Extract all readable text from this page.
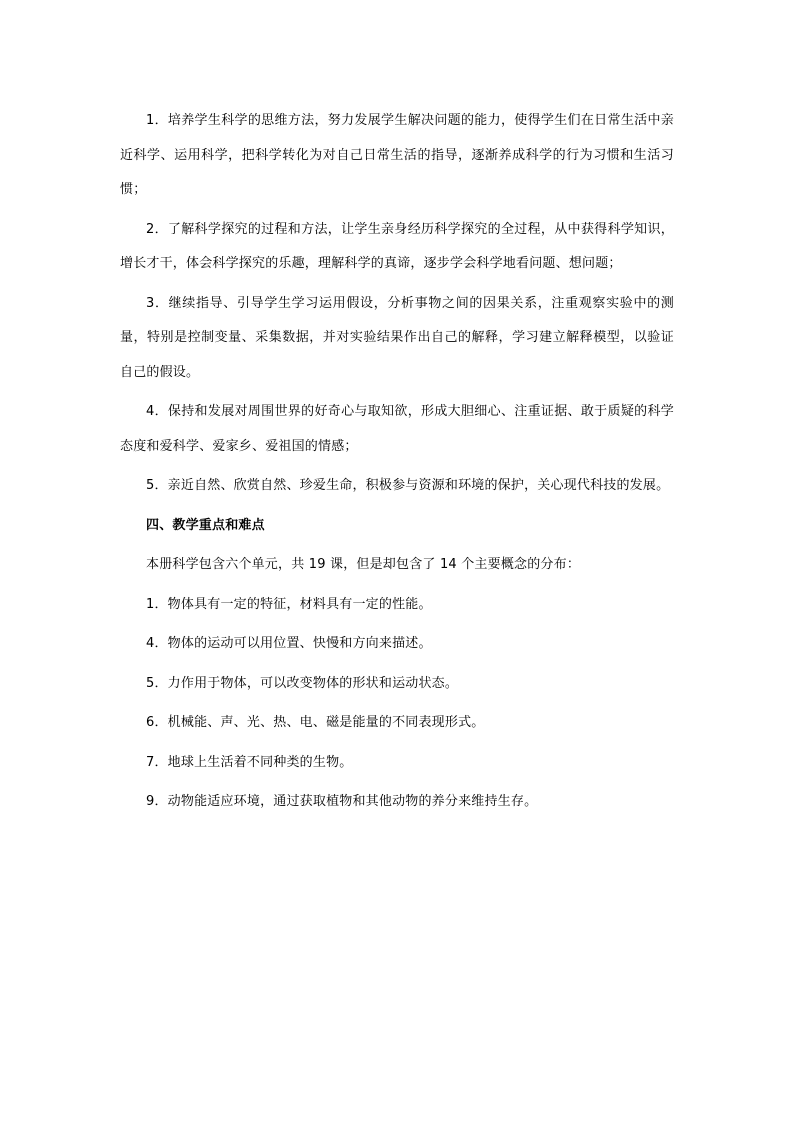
1．培养学生科学的思维方法，努力发展学生解决问题的能力，使得学生们在日常生活中亲近科学、运用科学，把科学转化为对自己日常生活的指导，逐渐养成科学的行为习惯和生活习惯；

2．了解科学探究的过程和方法，让学生亲身经历科学探究的全过程，从中获得科学知识，增长才干，体会科学探究的乐趣，理解科学的真谛，逐步学会科学地看问题、想问题；

3．继续指导、引导学生学习运用假设，分析事物之间的因果关系，注重观察实验中的测量，特别是控制变量、采集数据，并对实验结果作出自己的解释，学习建立解释模型，以验证自己的假设。

4．保持和发展对周围世界的好奇心与取知欲，形成大胆细心、注重证据、敢于质疑的科学态度和爱科学、爱家乡、爱祖国的情感；

5．亲近自然、欣赏自然、珍爱生命，积极参与资源和环境的保护，关心现代科技的发展。

四、教学重点和难点

本册科学包含六个单元，共 19 课，但是却包含了 14 个主要概念的分布：

1．物体具有一定的特征，材料具有一定的性能。

4．物体的运动可以用位置、快慢和方向来描述。

5．力作用于物体，可以改变物体的形状和运动状态。

6．机械能、声、光、热、电、磁是能量的不同表现形式。

7．地球上生活着不同种类的生物。

9．动物能适应环境，通过获取植物和其他动物的养分来维持生存。
